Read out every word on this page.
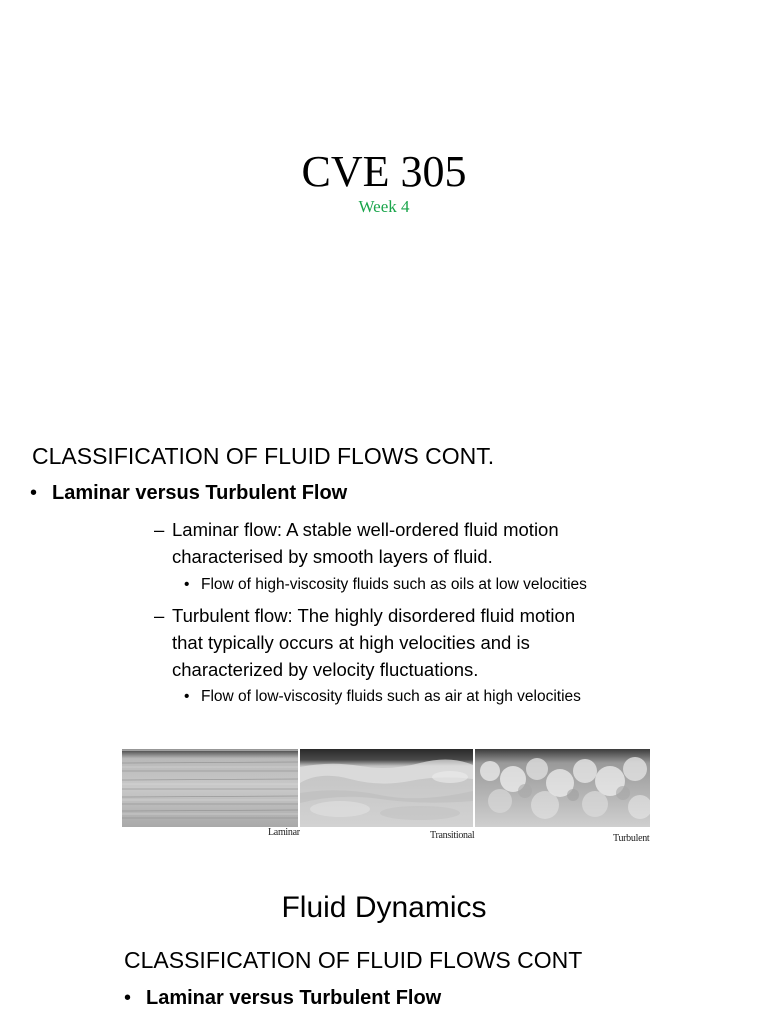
CVE 305
Week 4
CLASSIFICATION OF FLUID FLOWS CONT.
• Laminar versus Turbulent Flow
– Laminar flow: A stable well-ordered fluid motion
characterised by smooth layers of fluid.
• Flow of high-viscosity fluids such as oils at low velocities
– Turbulent flow: The highly disordered fluid motion
that typically occurs at high velocities and is
characterized by velocity fluctuations.
• Flow of low-viscosity fluids such as air at high velocities
Laminar	Transitional	Turbulent
Fluid Dynamics
CLASSIFICATION OF FLUID FLOWS CONT
• Laminar versus Turbulent Flow
